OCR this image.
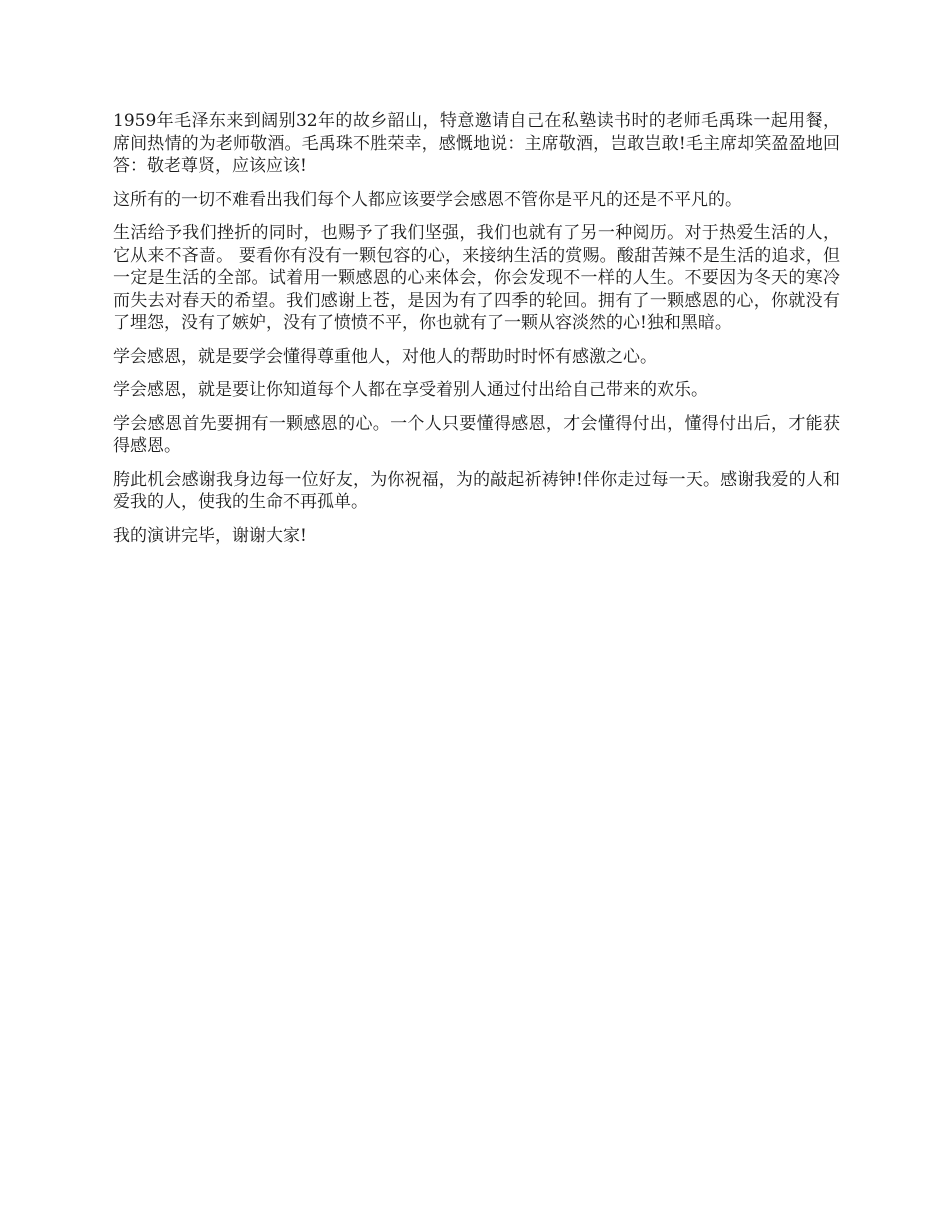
1959年毛泽东来到阔别32年的故乡韶山，特意邀请自己在私塾读书时的老师毛禹珠一起用餐，席间热情的为老师敬酒。毛禹珠不胜荣幸，感慨地说：主席敬酒，岂敢岂敢!毛主席却笑盈盈地回答：敬老尊贤，应该应该!

这所有的一切不难看出我们每个人都应该要学会感恩不管你是平凡的还是不平凡的。

生活给予我们挫折的同时，也赐予了我们坚强，我们也就有了另一种阅历。对于热爱生活的人，它从来不吝啬。 要看你有没有一颗包容的心，来接纳生活的赏赐。酸甜苦辣不是生活的追求，但一定是生活的全部。试着用一颗感恩的心来体会，你会发现不一样的人生。不要因为冬天的寒冷而失去对春天的希望。我们感谢上苍，是因为有了四季的轮回。拥有了一颗感恩的心，你就没有了埋怨，没有了嫉妒，没有了愤愤不平，你也就有了一颗从容淡然的心!独和黑暗。

学会感恩，就是要学会懂得尊重他人，对他人的帮助时时怀有感激之心。

学会感恩，就是要让你知道每个人都在享受着别人通过付出给自己带来的欢乐。

学会感恩首先要拥有一颗感恩的心。一个人只要懂得感恩，才会懂得付出，懂得付出后，才能获得感恩。

胯此机会感谢我身边每一位好友，为你祝福，为的敲起祈祷钟!伴你走过每一天。感谢我爱的人和爱我的人，使我的生命不再孤单。

我的演讲完毕，谢谢大家!
